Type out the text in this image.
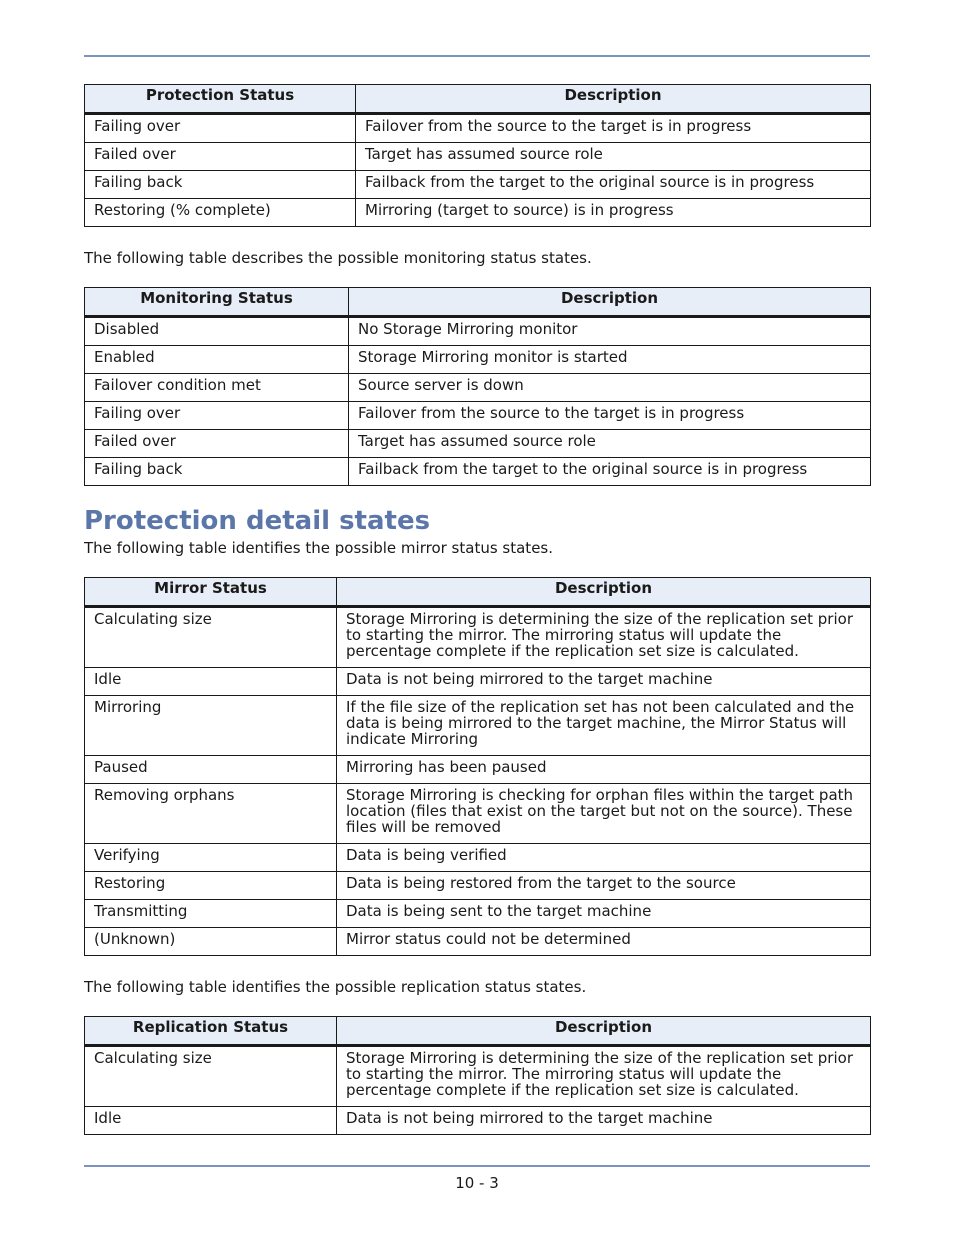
Protection Status	Description
Failing over	Failover from the source to the target is in progress
Failed over	Target has assumed source role
Failing back	Failback from the target to the original source is in progress
Restoring (% complete)	Mirroring (target to source) is in progress

The following table describes the possible monitoring status states.

Monitoring Status	Description
Disabled	No Storage Mirroring monitor
Enabled	Storage Mirroring monitor is started
Failover condition met	Source server is down
Failing over	Failover from the source to the target is in progress
Failed over	Target has assumed source role
Failing back	Failback from the target to the original source is in progress
Protection detail states

The following table identifies the possible mirror status states.

Mirror Status	Description
Calculating size	Storage Mirroring is determining the size of the replication set prior to starting the mirror. The mirroring status will update the percentage complete if the replication set size is calculated.
Idle	Data is not being mirrored to the target machine
Mirroring	If the file size of the replication set has not been calculated and the data is being mirrored to the target machine, the Mirror Status will indicate Mirroring
Paused	Mirroring has been paused
Removing orphans	Storage Mirroring is checking for orphan files within the target path location (files that exist on the target but not on the source). These files will be removed
Verifying	Data is being verified
Restoring	Data is being restored from the target to the source
Transmitting	Data is being sent to the target machine
(Unknown)	Mirror status could not be determined

The following table identifies the possible replication status states.

Replication Status	Description
Calculating size	Storage Mirroring is determining the size of the replication set prior to starting the mirror. The mirroring status will update the percentage complete if the replication set size is calculated.
Idle	Data is not being mirrored to the target machine
10 - 3
